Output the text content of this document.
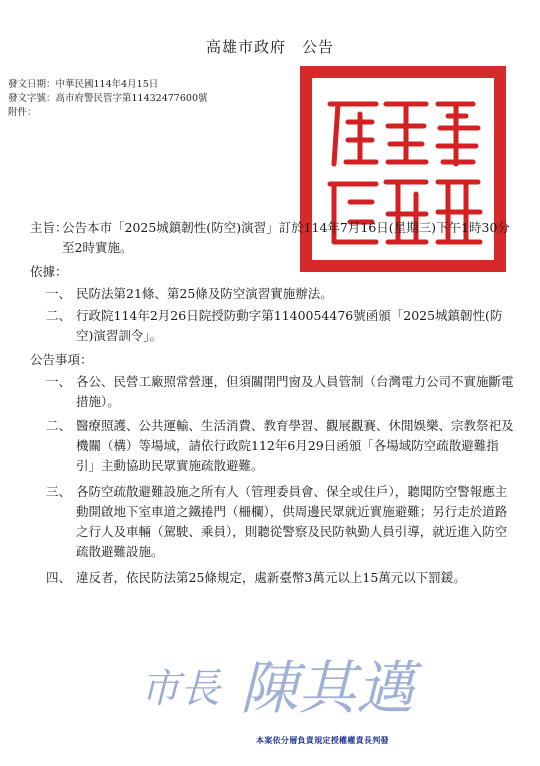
高雄市政府　公告
發文日期：中華民國114年4月15日
發文字號：高市府警民管字第11432477600號
附件：
主旨：
公告本市「2025城鎮韌性(防空)演習」訂於114年7月16日(星期三)下午1時30分至2時實施。
依據：
一、 民防法第21條、第25條及防空演習實施辦法。
二、 行政院114年2月26日院授防動字第1140054476號函頒「2025城鎮韌性(防空)演習訓令」。
公告事項：
一、 各公、民營工廠照常營運，但須關閉門窗及人員管制（台灣電力公司不實施斷電措施）。
二、 醫療照護、公共運輸、生活消費、教育學習、觀展觀賽、休閒娛樂、宗教祭祀及機關（構）等場域，請依行政院112年6月29日函頒「各場域防空疏散避難指引」主動協助民眾實施疏散避難。
三、 各防空疏散避難設施之所有人（管理委員會、保全或住戶），聽聞防空警報應主動開啟地下室車道之鐵捲門（柵欄），供周邊民眾就近實施避難；另行走於道路之行人及車輛（駕駛、乘員），則聽從警察及民防執勤人員引導，就近進入防空疏散避難設施。
四、 違反者，依民防法第25條規定，處新臺幣3萬元以上15萬元以下罰鍰。
市長 陳其邁
本案依分層負責規定授權權責長判發
